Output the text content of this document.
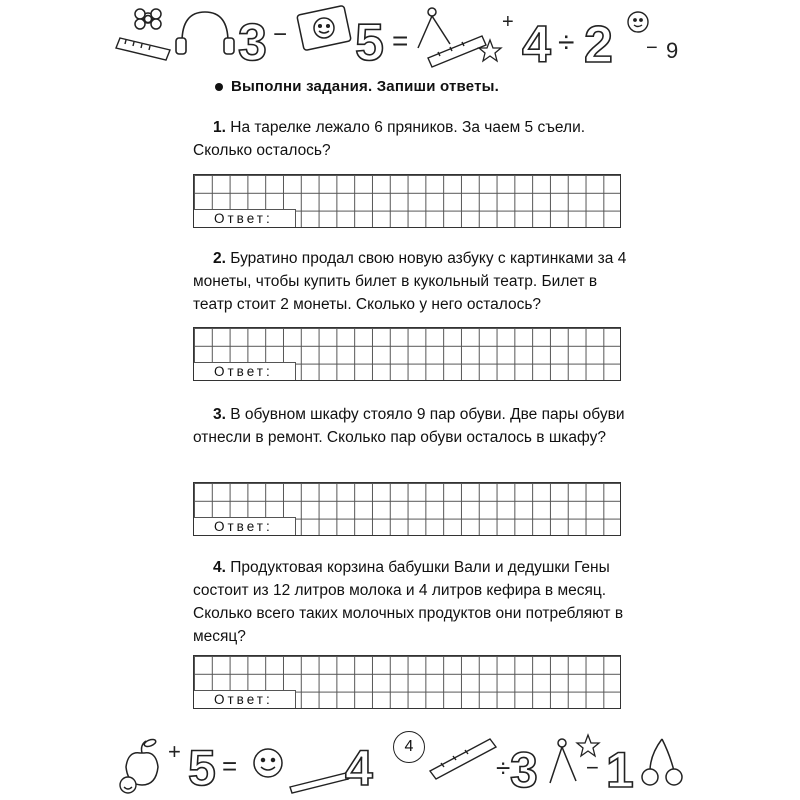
3 − 5 =
+ 4 ÷ 2 − 9
Выполни задания. Запиши ответы.
1. На тарелке лежало 6 пряников. За чаем 5 съели. Сколько осталось?
Ответ:
2. Буратино продал свою новую азбуку с картинками за 4 монеты, чтобы купить билет в кукольный театр. Билет в театр стоит 2 монеты. Сколько у него осталось?
Ответ:
3. В обувном шкафу стояло 9 пар обуви. Две пары обуви отнесли в ремонт. Сколько пар обуви осталось в шкафу?
Ответ:
4. Продуктовая корзина бабушки Вали и дедушки Гены состоит из 12 литров молока и 4 литров кефира в месяц. Сколько всего таких молочных продуктов они потребляют в месяц?
Ответ:
+ 5 = 4	÷ 3 − 1
4
